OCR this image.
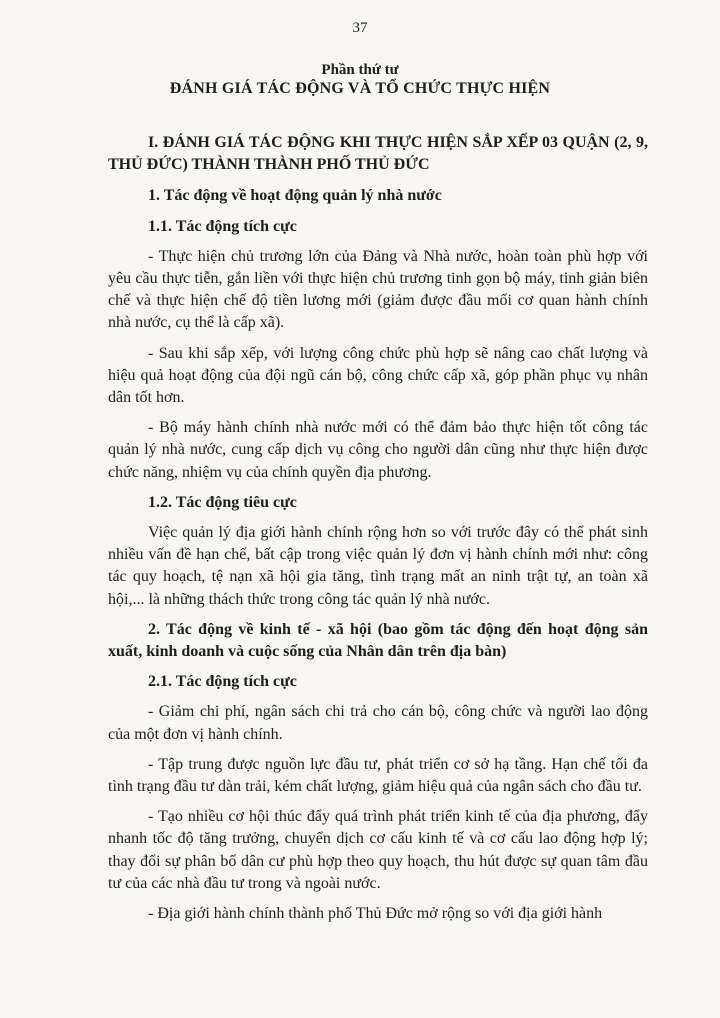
37
Phần thứ tư
ĐÁNH GIÁ TÁC ĐỘNG VÀ TỔ CHỨC THỰC HIỆN

I. ĐÁNH GIÁ TÁC ĐỘNG KHI THỰC HIỆN SẮP XẾP 03 QUẬN (2, 9, THỦ ĐỨC) THÀNH THÀNH PHỐ THỦ ĐỨC

1. Tác động về hoạt động quản lý nhà nước

1.1. Tác động tích cực

- Thực hiện chủ trương lớn của Đảng và Nhà nước, hoàn toàn phù hợp với yêu cầu thực tiễn, gắn liền với thực hiện chủ trương tinh gọn bộ máy, tinh giản biên chế và thực hiện chế độ tiền lương mới (giảm được đầu mối cơ quan hành chính nhà nước, cụ thể là cấp xã).

- Sau khi sắp xếp, với lượng công chức phù hợp sẽ nâng cao chất lượng và hiệu quả hoạt động của đội ngũ cán bộ, công chức cấp xã, góp phần phục vụ nhân dân tốt hơn.

- Bộ máy hành chính nhà nước mới có thể đảm bảo thực hiện tốt công tác quản lý nhà nước, cung cấp dịch vụ công cho người dân cũng như thực hiện được chức năng, nhiệm vụ của chính quyền địa phương.

1.2. Tác động tiêu cực

Việc quản lý địa giới hành chính rộng hơn so với trước đây có thể phát sinh nhiều vấn đề hạn chế, bất cập trong việc quản lý đơn vị hành chính mới như: công tác quy hoạch, tệ nạn xã hội gia tăng, tình trạng mất an ninh trật tự, an toàn xã hội,... là những thách thức trong công tác quản lý nhà nước.

2. Tác động về kinh tế - xã hội (bao gồm tác động đến hoạt động sản xuất, kinh doanh và cuộc sống của Nhân dân trên địa bàn)

2.1. Tác động tích cực

- Giảm chi phí, ngân sách chi trả cho cán bộ, công chức và người lao động của một đơn vị hành chính.

- Tập trung được nguồn lực đầu tư, phát triển cơ sở hạ tầng. Hạn chế tối đa tình trạng đầu tư dàn trải, kém chất lượng, giảm hiệu quả của ngân sách cho đầu tư.

- Tạo nhiều cơ hội thúc đẩy quá trình phát triển kinh tế của địa phương, đẩy nhanh tốc độ tăng trưởng, chuyển dịch cơ cấu kinh tế và cơ cấu lao động hợp lý; thay đổi sự phân bố dân cư phù hợp theo quy hoạch, thu hút được sự quan tâm đầu tư của các nhà đầu tư trong và ngoài nước.

- Địa giới hành chính thành phố Thủ Đức mở rộng so với địa giới hành
